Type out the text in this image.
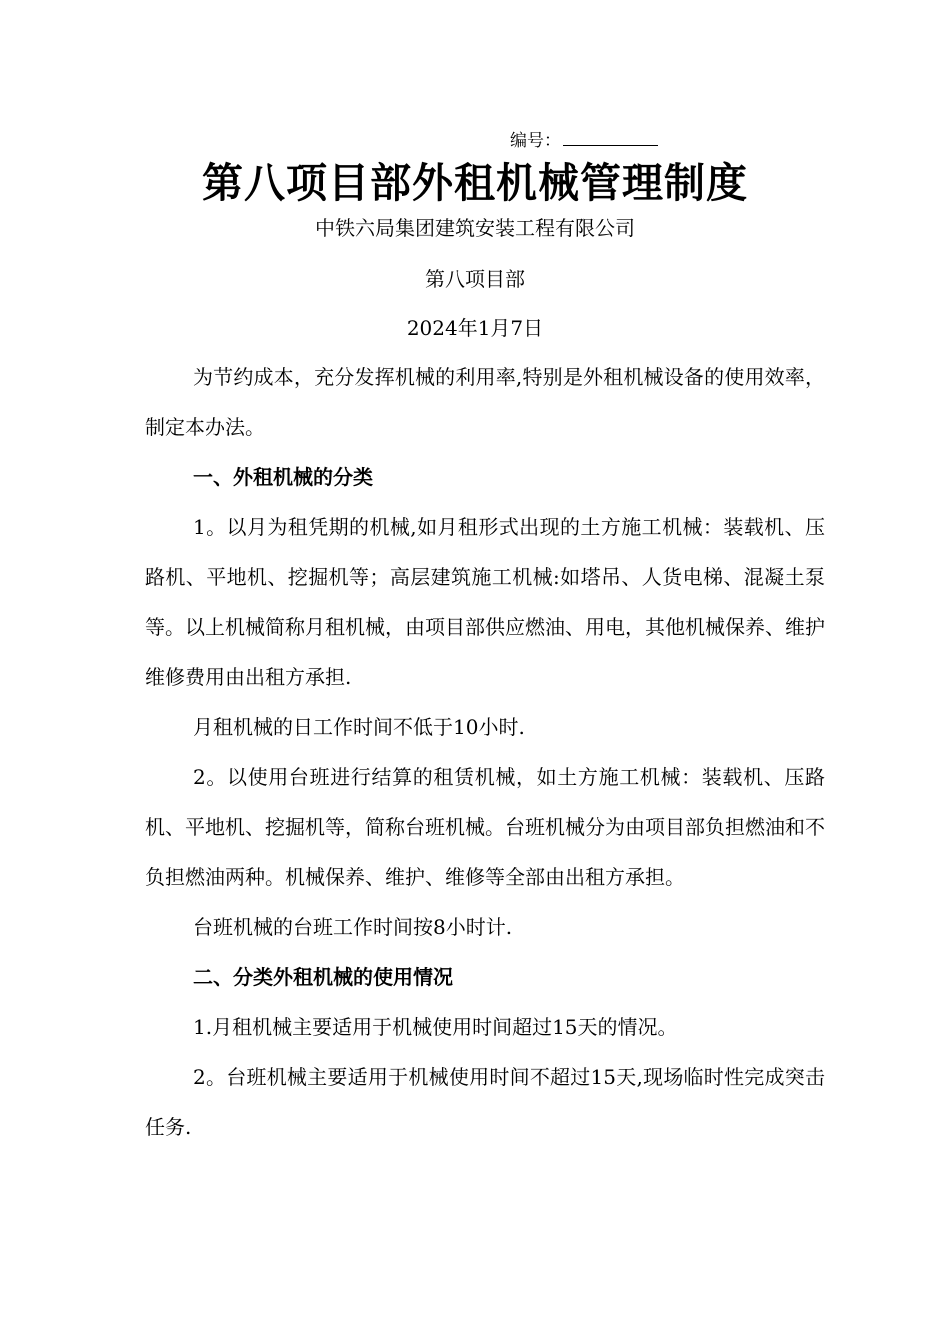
编号：
第八项目部外租机械管理制度
中铁六局集团建筑安装工程有限公司
第八项目部
2024年1月7日

为节约成本，充分发挥机械的利用率,特别是外租机械设备的使用效率，制定本办法。

一、外租机械的分类

1。以月为租凭期的机械,如月租形式出现的土方施工机械：装载机、压路机、平地机、挖掘机等；高层建筑施工机械:如塔吊、人货电梯、混凝土泵等。以上机械简称月租机械，由项目部供应燃油、用电，其他机械保养、维护维修费用由出租方承担.

月租机械的日工作时间不低于10小时.

2。以使用台班进行结算的租赁机械，如土方施工机械：装载机、压路机、平地机、挖掘机等，简称台班机械。台班机械分为由项目部负担燃油和不负担燃油两种。机械保养、维护、维修等全部由出租方承担。

台班机械的台班工作时间按8小时计.

二、分类外租机械的使用情况

1.月租机械主要适用于机械使用时间超过15天的情况。

2。台班机械主要适用于机械使用时间不超过15天,现场临时性完成突击任务.
